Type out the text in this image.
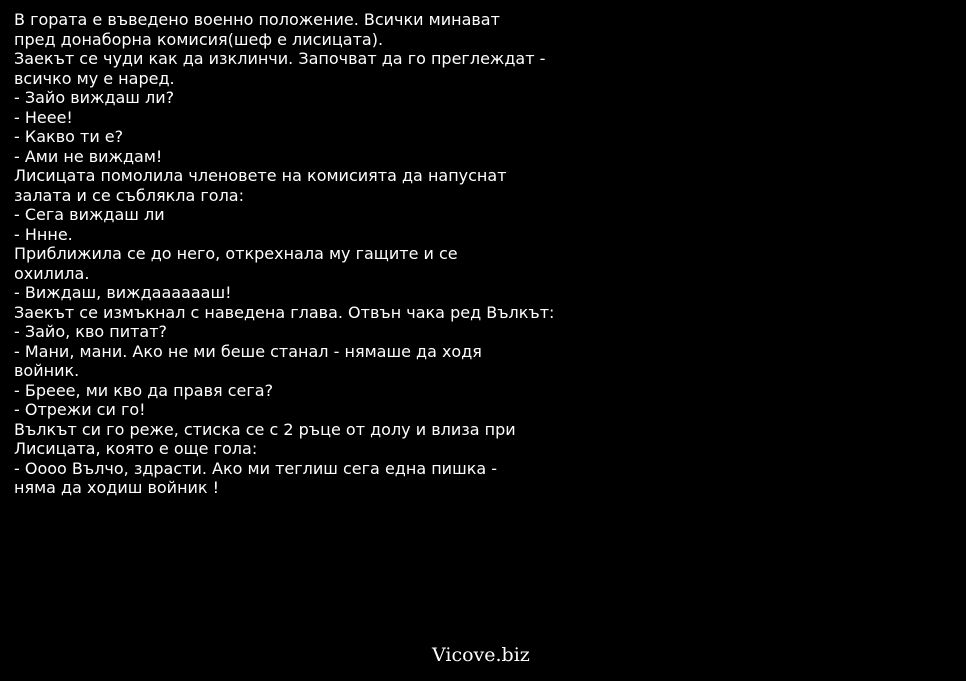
В гората е въведено военно положение. Всички минават
пред донаборна комисия(шеф е лисицата).
Заекът се чуди как да изклинчи. Започват да го преглеждат -
всичко му е наред.
- Зайо виждаш ли?
- Неее!
- Какво ти е?
- Ами не виждам!
Лисицата помолила членовете на комисията да напуснат
залата и се съблякла гола:
- Сега виждаш ли
- Ннне.
Приближила се до него, открехнала му гащите и се
охилила.
- Виждаш, виждааааааш!
Заекът се измъкнал с наведена глава. Отвън чака ред Вълкът:
- Зайо, кво питат?
- Мани, мани. Ако не ми беше станал - нямаше да ходя
войник.
- Брееe, ми кво да правя сега?
- Отрежи си го!
Вълкът си го реже, стиска се с 2 ръце от долу и влиза при
Лисицата, която е още гола:
- Оооо Вълчо, здрасти. Ако ми теглиш сега една пишка -
няма да ходиш войник !
Vicove.biz
